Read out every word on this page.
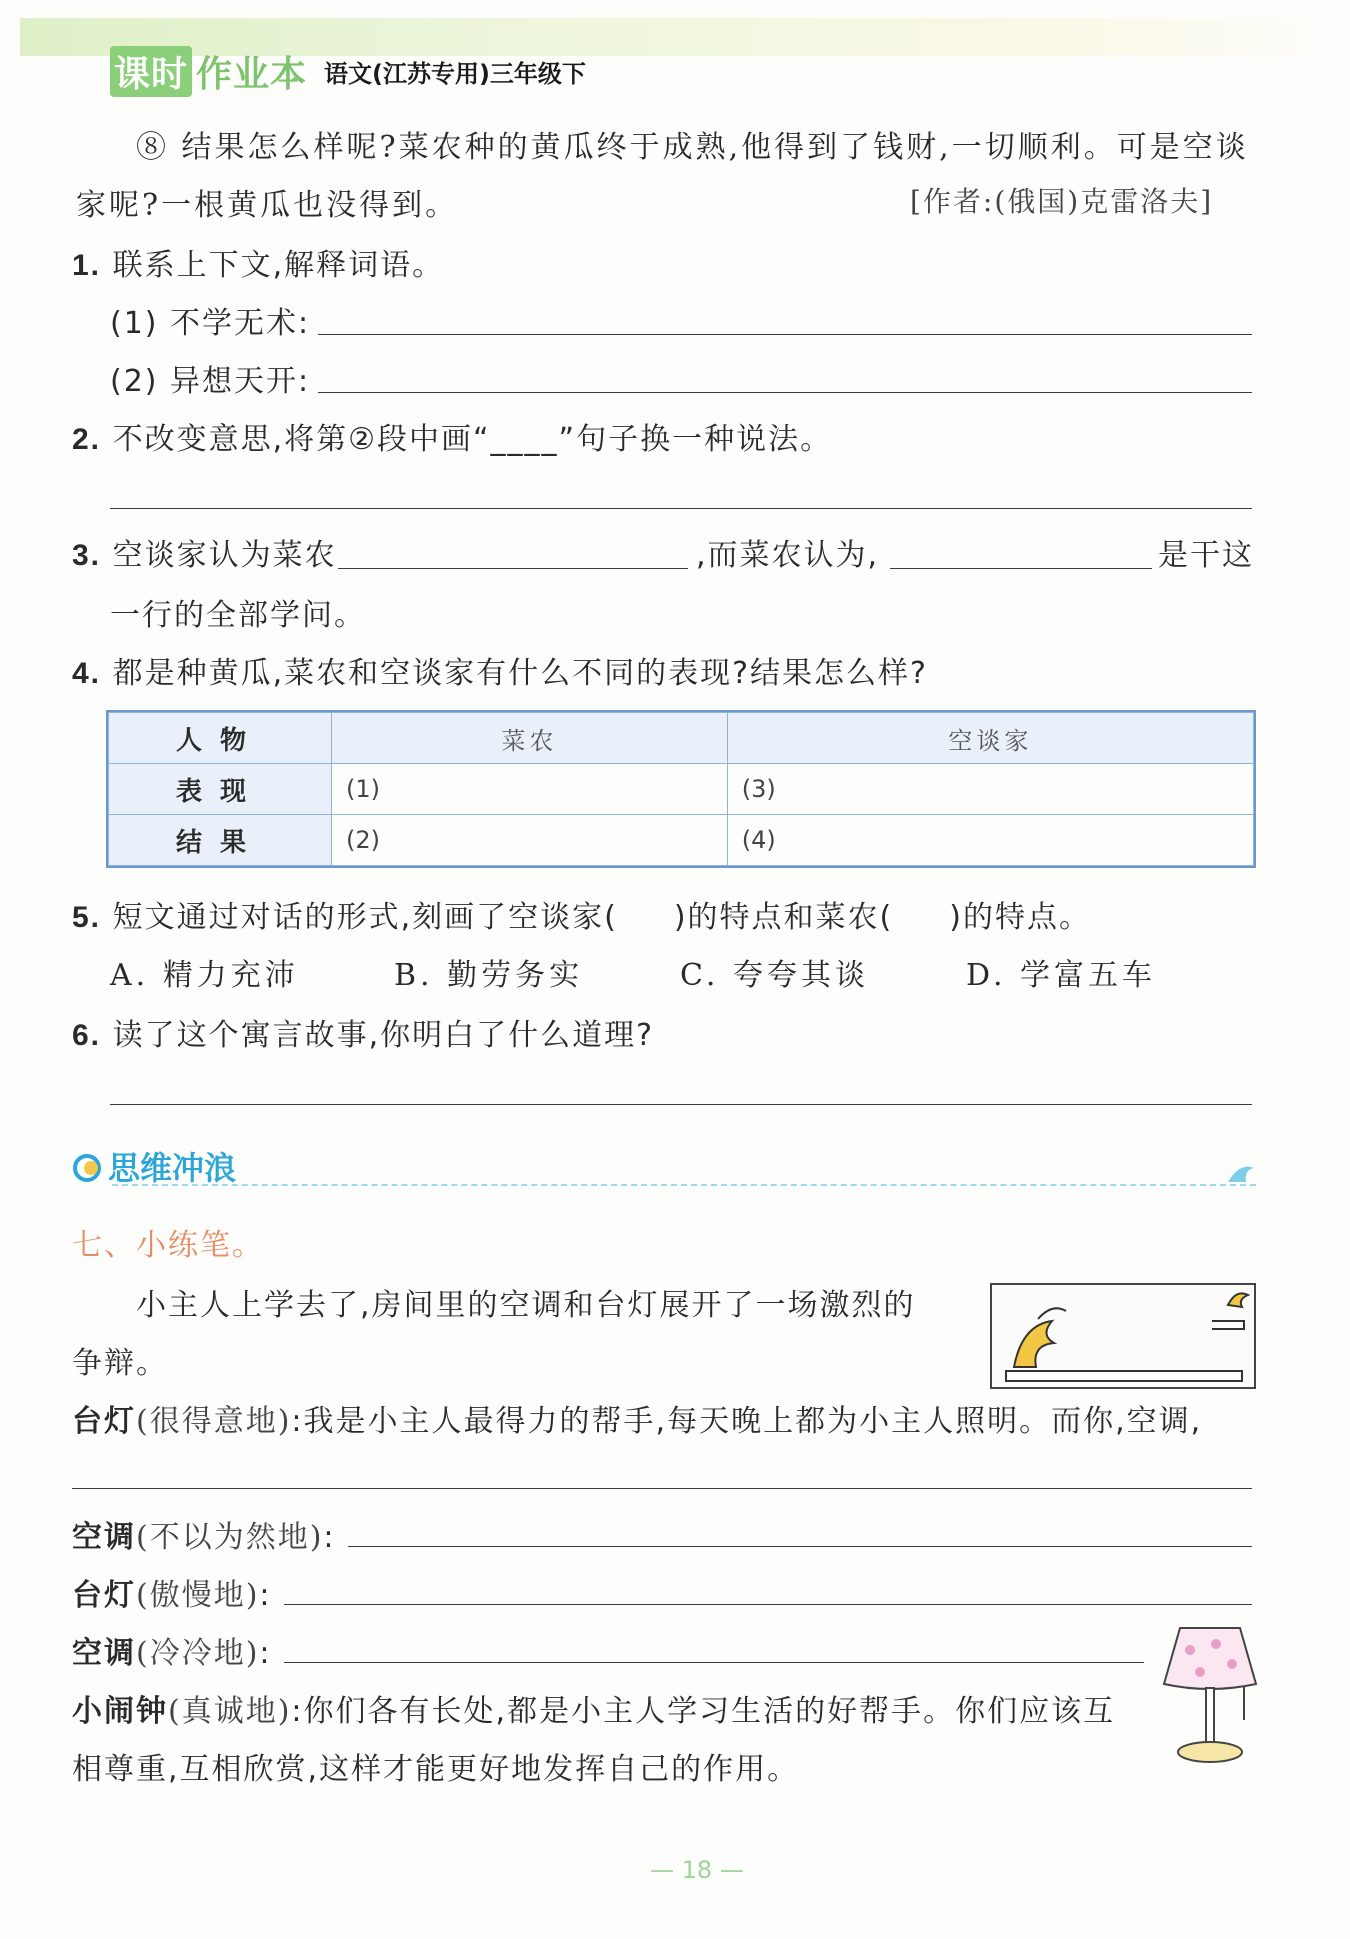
课时 作业本 语文(江苏专用)三年级下
⑧ 结果怎么样呢?菜农种的黄瓜终于成熟,他得到了钱财,一切顺利。可是空谈
家呢?一根黄瓜也没得到。	[作者:(俄国)克雷洛夫]
1. 联系上下文,解释词语。
(1) 不学无术:
(2) 异想天开:
2. 不改变意思,将第②段中画“____”句子换一种说法。
3. 空谈家认为菜农	,而菜农认为,	是干这
一行的全部学问。
4. 都是种黄瓜,菜农和空谈家有什么不同的表现?结果怎么样?
人物	菜农	空谈家
表现	(1)	(3)
结果	(2)	(4)
5. 短文通过对话的形式,刻画了空谈家( )的特点和菜农( )的特点。
A. 精力充沛	B. 勤劳务实	C. 夸夸其谈	D. 学富五车
6. 读了这个寓言故事,你明白了什么道理?
思维冲浪
七、小练笔。
小主人上学去了,房间里的空调和台灯展开了一场激烈的
争辩。
台灯(很得意地):我是小主人最得力的帮手,每天晚上都为小主人照明。而你,空调,
空调(不以为然地):
台灯(傲慢地):
空调(冷冷地):
小闹钟(真诚地):你们各有长处,都是小主人学习生活的好帮手。你们应该互
相尊重,互相欣赏,这样才能更好地发挥自己的作用。
— 18 —
